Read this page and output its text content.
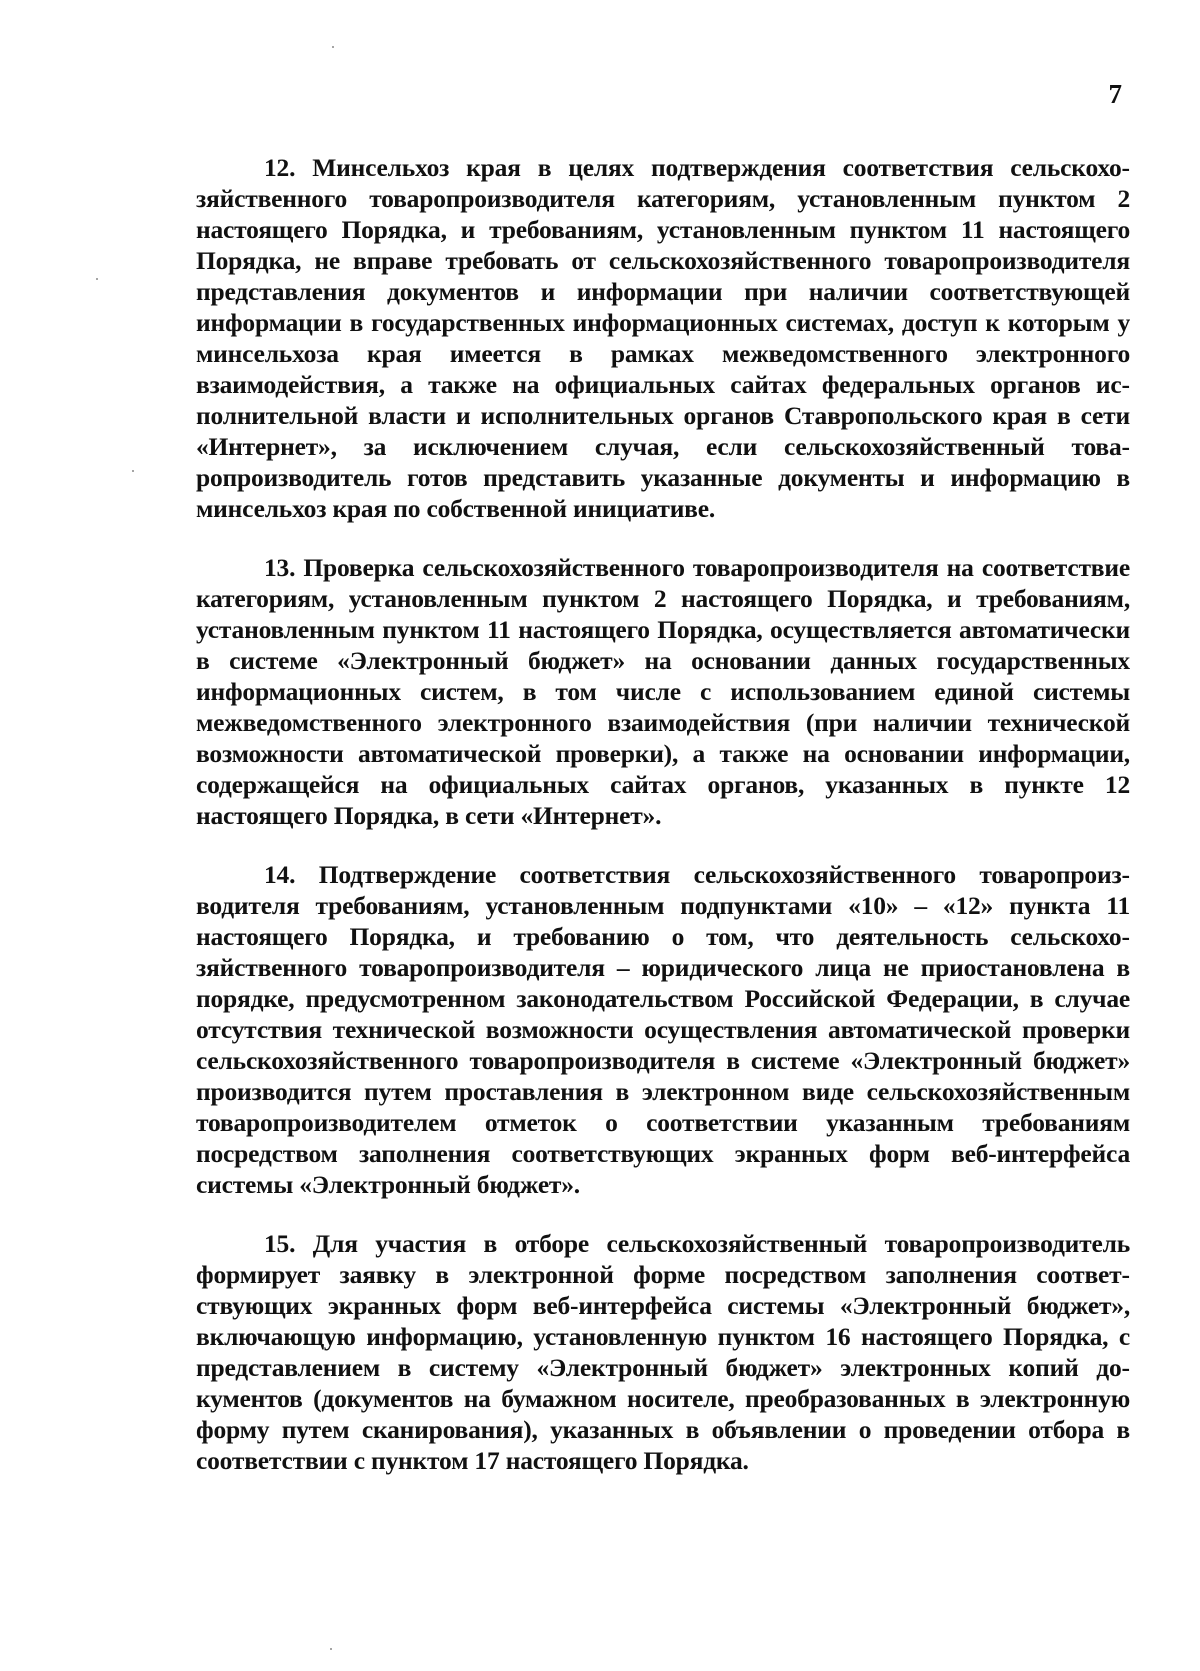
7

12. Минсельхоз края в целях подтверждения соответствия сельскохозяйственного товаропроизводителя категориям, установленным пунктом 2 настоящего Порядка, и требованиям, установленным пунктом 11 настоящего Порядка, не вправе требовать от сельскохозяйственного товаропроизводителя представления документов и информации при наличии соответствующей информации в государственных информационных системах, доступ к которым у минсельхоза края имеется в рамках межведомственного электронного взаимодействия, а также на официальных сайтах федеральных органов исполнительной власти и исполнительных органов Ставропольского края в сети «Интернет», за исключением случая, если сельскохозяйственный товаропроизводитель готов представить указанные документы и информацию в минсельхоз края по собственной инициативе.

13. Проверка сельскохозяйственного товаропроизводителя на соответствие категориям, установленным пунктом 2 настоящего Порядка, и требованиям, установленным пунктом 11 настоящего Порядка, осуществляется автоматически в системе «Электронный бюджет» на основании данных государственных информационных систем, в том числе с использованием единой системы межведомственного электронного взаимодействия (при наличии технической возможности автоматической проверки), а также на основании информации, содержащейся на официальных сайтах органов, указанных в пункте 12 настоящего Порядка, в сети «Интернет».

14. Подтверждение соответствия сельскохозяйственного товаропроизводителя требованиям, установленным подпунктами «10» – «12» пункта 11 настоящего Порядка, и требованию о том, что деятельность сельскохозяйственного товаропроизводителя – юридического лица не приостановлена в порядке, предусмотренном законодательством Российской Федерации, в случае отсутствия технической возможности осуществления автоматической проверки сельскохозяйственного товаропроизводителя в системе «Электронный бюджет» производится путем проставления в электронном виде сельскохозяйственным товаропроизводителем отметок о соответствии указанным требованиям посредством заполнения соответствующих экранных форм веб-интерфейса системы «Электронный бюджет».

15. Для участия в отборе сельскохозяйственный товаропроизводитель формирует заявку в электронной форме посредством заполнения соответствующих экранных форм веб-интерфейса системы «Электронный бюджет», включающую информацию, установленную пунктом 16 настоящего Порядка, с представлением в систему «Электронный бюджет» электронных копий документов (документов на бумажном носителе, преобразованных в электронную форму путем сканирования), указанных в объявлении о проведении отбора в соответствии с пунктом 17 настоящего Порядка.
